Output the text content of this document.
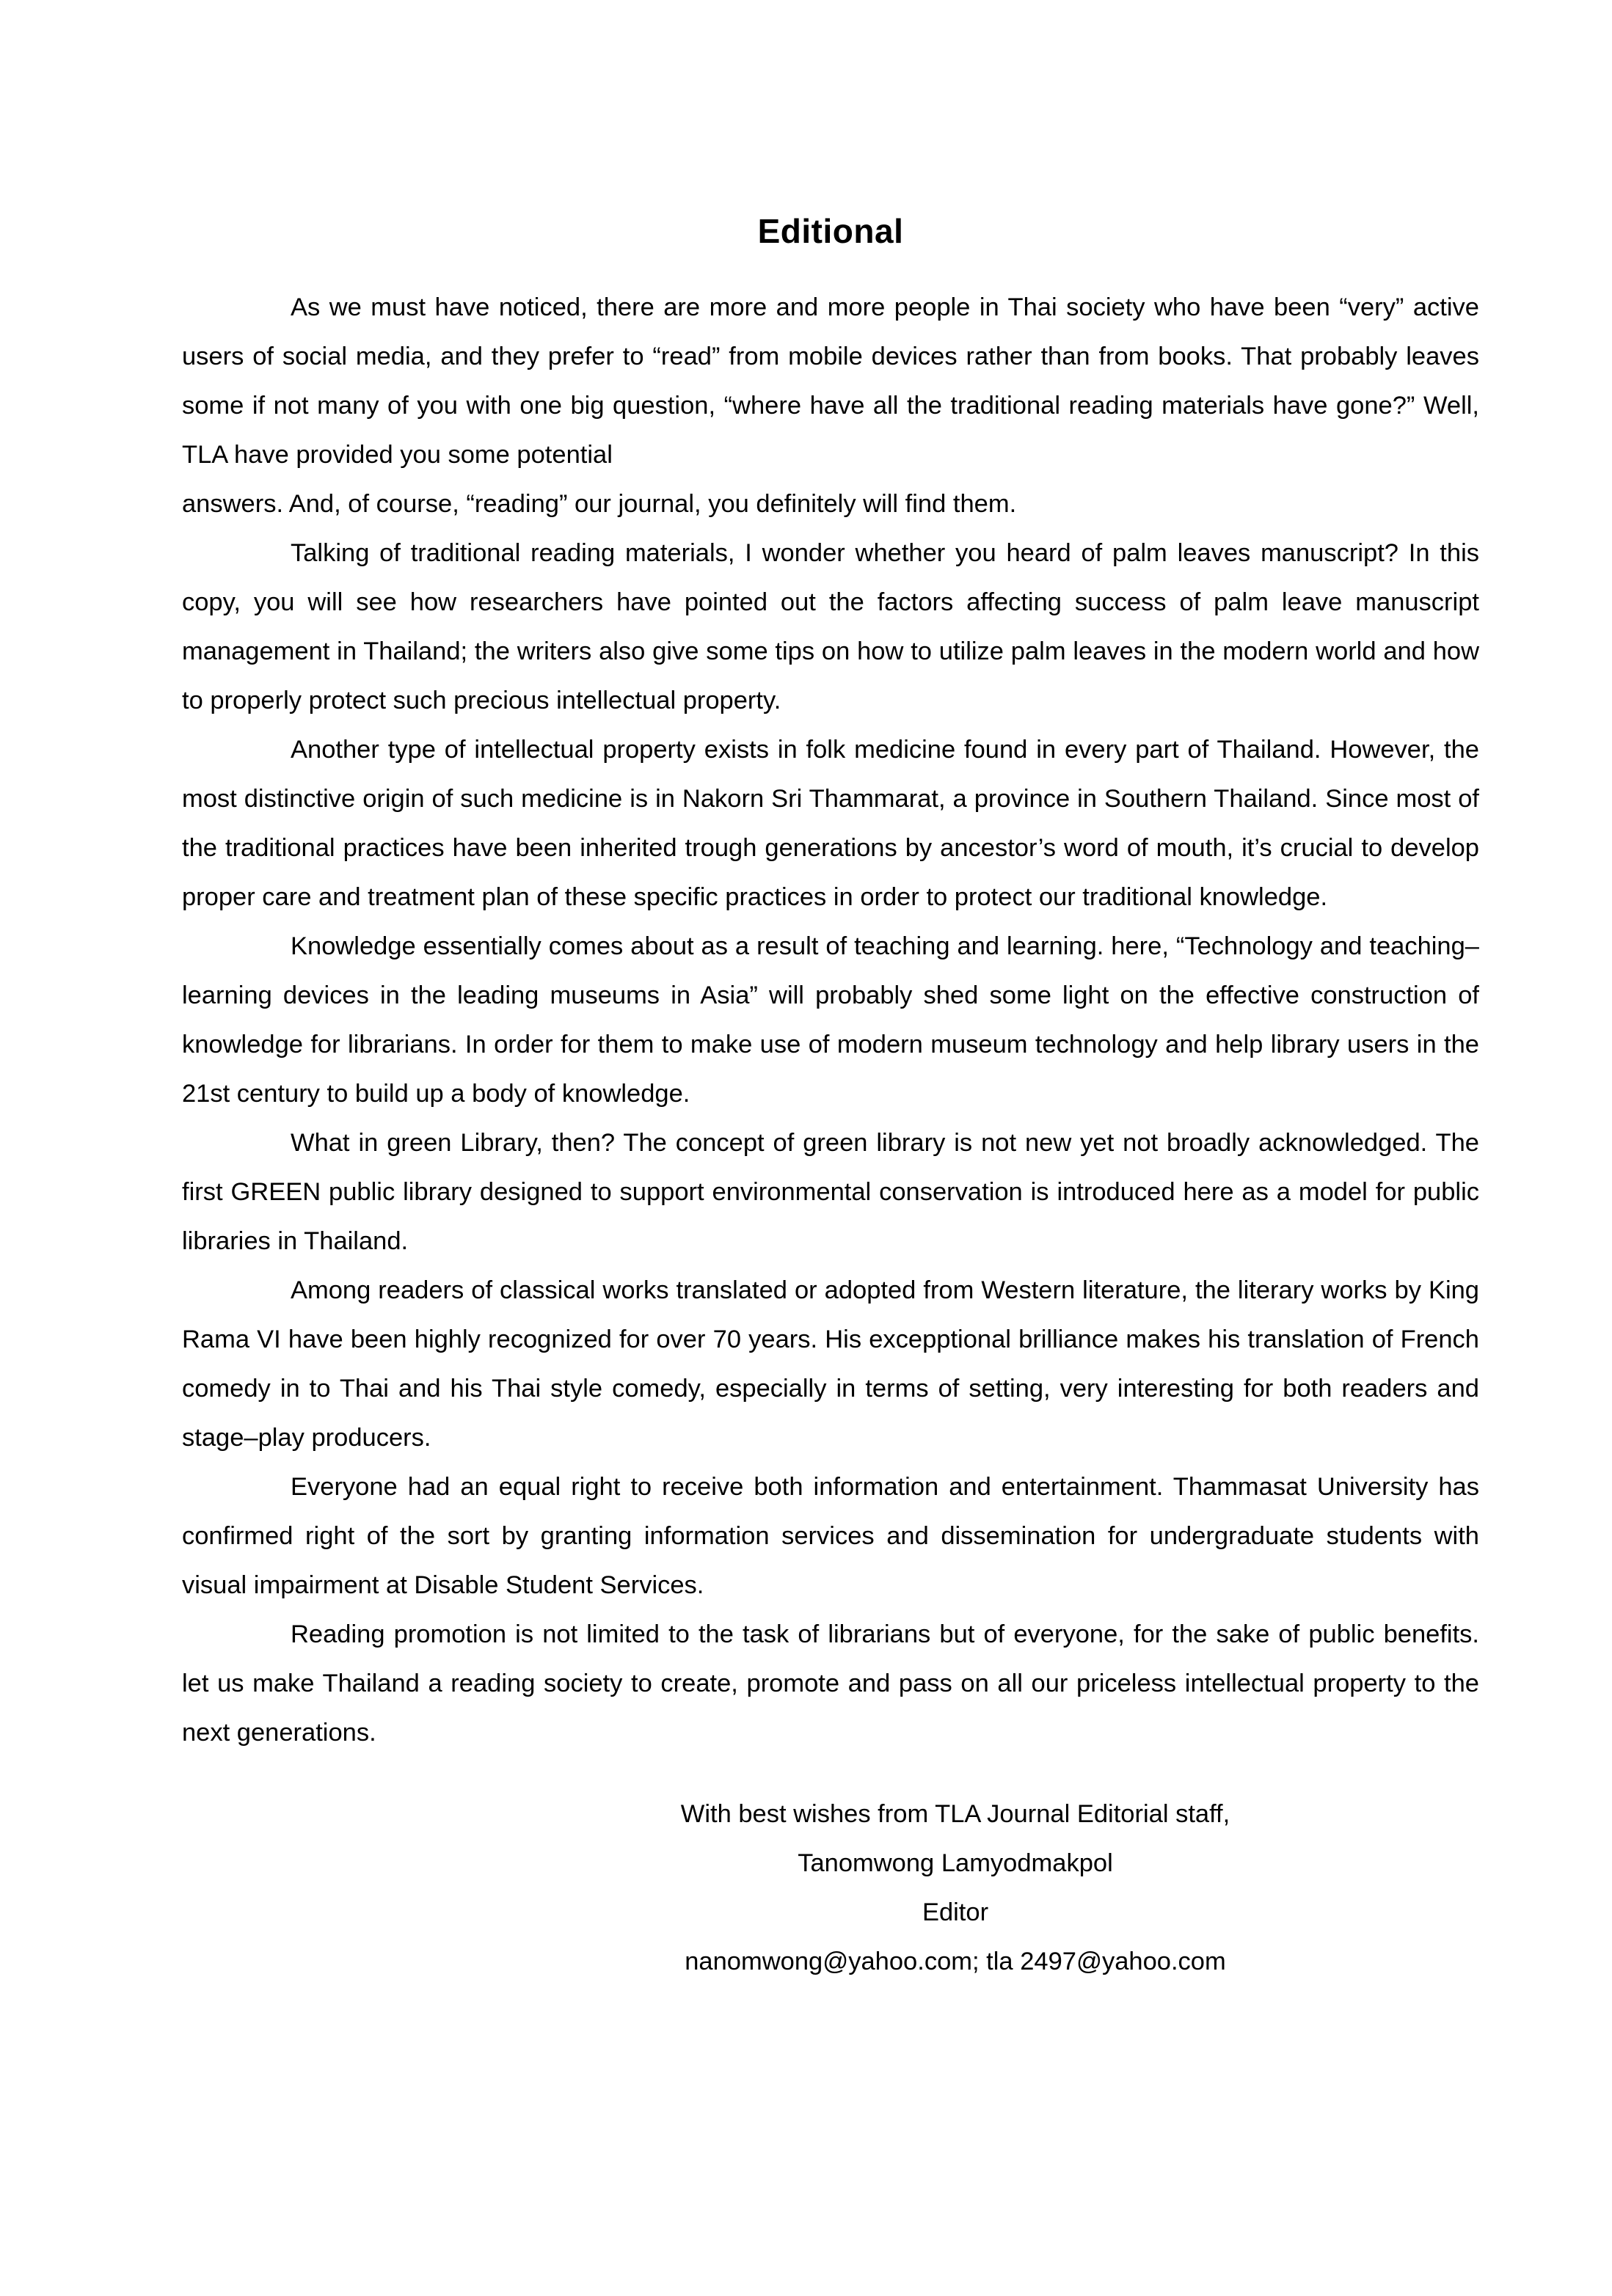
Editional

As we must have noticed, there are more and more people in Thai society who have been “very” active users of social media, and they prefer to “read” from mobile devices rather than from books. That probably leaves some if not many of you with one big question, “where have all the traditional reading materials have gone?” Well, TLA have provided you some potential

answers. And, of course, “reading” our journal, you definitely will find them.

Talking of traditional reading materials, I wonder whether you heard of palm leaves manuscript? In this copy, you will see how researchers have pointed out the factors affecting success of palm leave manuscript management in Thailand; the writers also give some tips on how to utilize palm leaves in the modern world and how to properly protect such precious intellectual property.

Another type of intellectual property exists in folk medicine found in every part of Thailand. However, the most distinctive origin of such medicine is in Nakorn Sri Thammarat, a province in Southern Thailand. Since most of the traditional practices have been inherited trough generations by ancestor’s word of mouth, it’s crucial to develop proper care and treatment plan of these specific practices in order to protect our traditional knowledge.

Knowledge essentially comes about as a result of teaching and learning. here, “Technology and teaching–learning devices in the leading museums in Asia” will probably shed some light on the effective construction of knowledge for librarians. In order for them to make use of modern museum technology and help library users in the 21st century to build up a body of knowledge.

What in green Library, then? The concept of green library is not new yet not broadly acknowledged. The first GREEN public library designed to support environmental conservation is introduced here as a model for public libraries in Thailand.

Among readers of classical works translated or adopted from Western literature, the literary works by King Rama VI have been highly recognized for over 70 years. His excepptional brilliance makes his translation of French comedy in to Thai and his Thai style comedy, especially in terms of setting, very interesting for both readers and stage–play producers.

Everyone had an equal right to receive both information and entertainment. Thammasat University has confirmed right of the sort by granting information services and dissemination for undergraduate students with visual impairment at Disable Student Services.

Reading promotion is not limited to the task of librarians but of everyone, for the sake of public benefits. let us make Thailand a reading society to create, promote and pass on all our priceless intellectual property to the next generations.

With best wishes from TLA Journal Editorial staff,
Tanomwong Lamyodmakpol
Editor
nanomwong@yahoo.com; tla 2497@yahoo.com
